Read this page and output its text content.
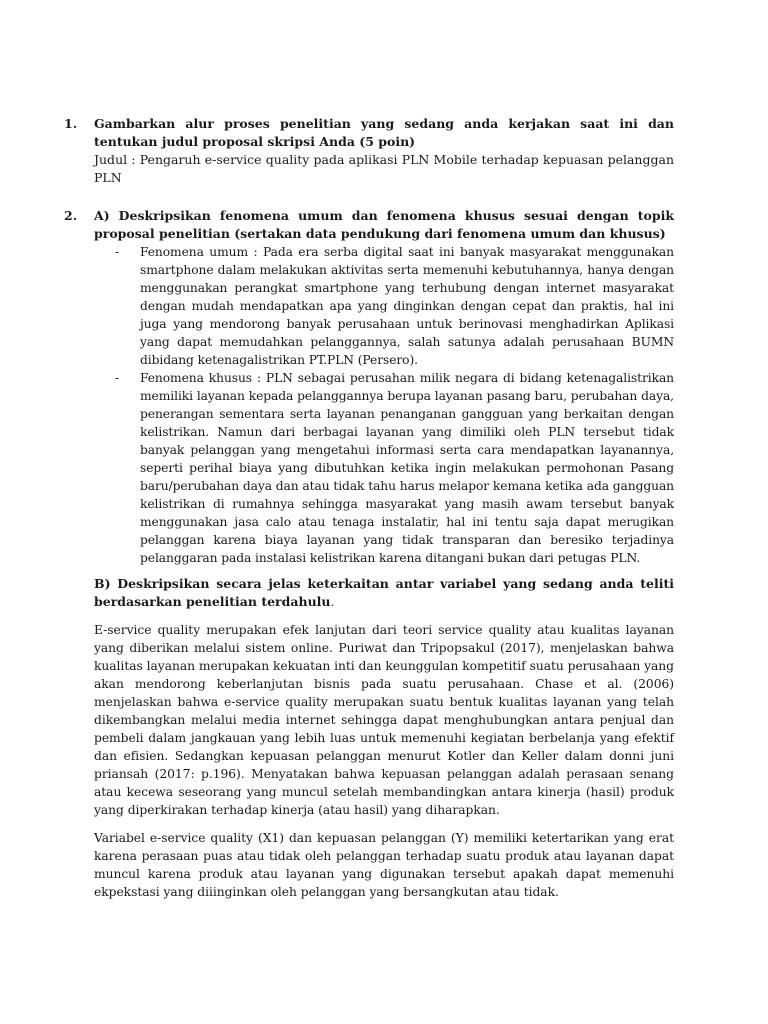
1. Gambarkan alur proses penelitian yang sedang anda kerjakan saat ini dan tentukan judul proposal skripsi Anda (5 poin)
Judul : Pengaruh e-service quality pada aplikasi PLN Mobile terhadap kepuasan pelanggan PLN
2. A) Deskripsikan fenomena umum dan fenomena khusus sesuai dengan topik proposal penelitian (sertakan data pendukung dari fenomena umum dan khusus)
- Fenomena umum : Pada era serba digital saat ini banyak masyarakat menggunakan smartphone dalam melakukan aktivitas serta memenuhi kebutuhannya, hanya dengan menggunakan perangkat smartphone yang terhubung dengan internet masyarakat dengan mudah mendapatkan apa yang dinginkan dengan cepat dan praktis, hal ini juga yang mendorong banyak perusahaan untuk berinovasi menghadirkan Aplikasi yang dapat memudahkan pelanggannya, salah satunya adalah perusahaan BUMN dibidang ketenagalistrikan PT.PLN (Persero).
- Fenomena khusus : PLN sebagai perusahan milik negara di bidang ketenagalistrikan memiliki layanan kepada pelanggannya berupa layanan pasang baru, perubahan daya, penerangan sementara serta layanan penanganan gangguan yang berkaitan dengan kelistrikan. Namun dari berbagai layanan yang dimiliki oleh PLN tersebut tidak banyak pelanggan yang mengetahui informasi serta cara mendapatkan layanannya, seperti perihal biaya yang dibutuhkan ketika ingin melakukan permohonan Pasang baru/perubahan daya dan atau tidak tahu harus melapor kemana ketika ada gangguan kelistrikan di rumahnya sehingga masyarakat yang masih awam tersebut banyak menggunakan jasa calo atau tenaga instalatir, hal ini tentu saja dapat merugikan pelanggan karena biaya layanan yang tidak transparan dan beresiko terjadinya pelanggaran pada instalasi kelistrikan karena ditangani bukan dari petugas PLN.
B) Deskripsikan secara jelas keterkaitan antar variabel yang sedang anda teliti berdasarkan penelitian terdahulu.
E-service quality merupakan efek lanjutan dari teori service quality atau kualitas layanan yang diberikan melalui sistem online. Puriwat dan Tripopsakul (2017), menjelaskan bahwa kualitas layanan merupakan kekuatan inti dan keunggulan kompetitif suatu perusahaan yang akan mendorong keberlanjutan bisnis pada suatu perusahaan. Chase et al. (2006) menjelaskan bahwa e-service quality merupakan suatu bentuk kualitas layanan yang telah dikembangkan melalui media internet sehingga dapat menghubungkan antara penjual dan pembeli dalam jangkauan yang lebih luas untuk memenuhi kegiatan berbelanja yang efektif dan efisien. Sedangkan kepuasan pelanggan menurut Kotler dan Keller dalam donni juni priansah (2017: p.196). Menyatakan bahwa kepuasan pelanggan adalah perasaan senang atau kecewa seseorang yang muncul setelah membandingkan antara kinerja (hasil) produk yang diperkirakan terhadap kinerja (atau hasil) yang diharapkan.
Variabel e-service quality (X1) dan kepuasan pelanggan (Y) memiliki ketertarikan yang erat karena perasaan puas atau tidak oleh pelanggan terhadap suatu produk atau layanan dapat muncul karena produk atau layanan yang digunakan tersebut apakah dapat memenuhi ekpekstasi yang diiinginkan oleh pelanggan yang bersangkutan atau tidak.
